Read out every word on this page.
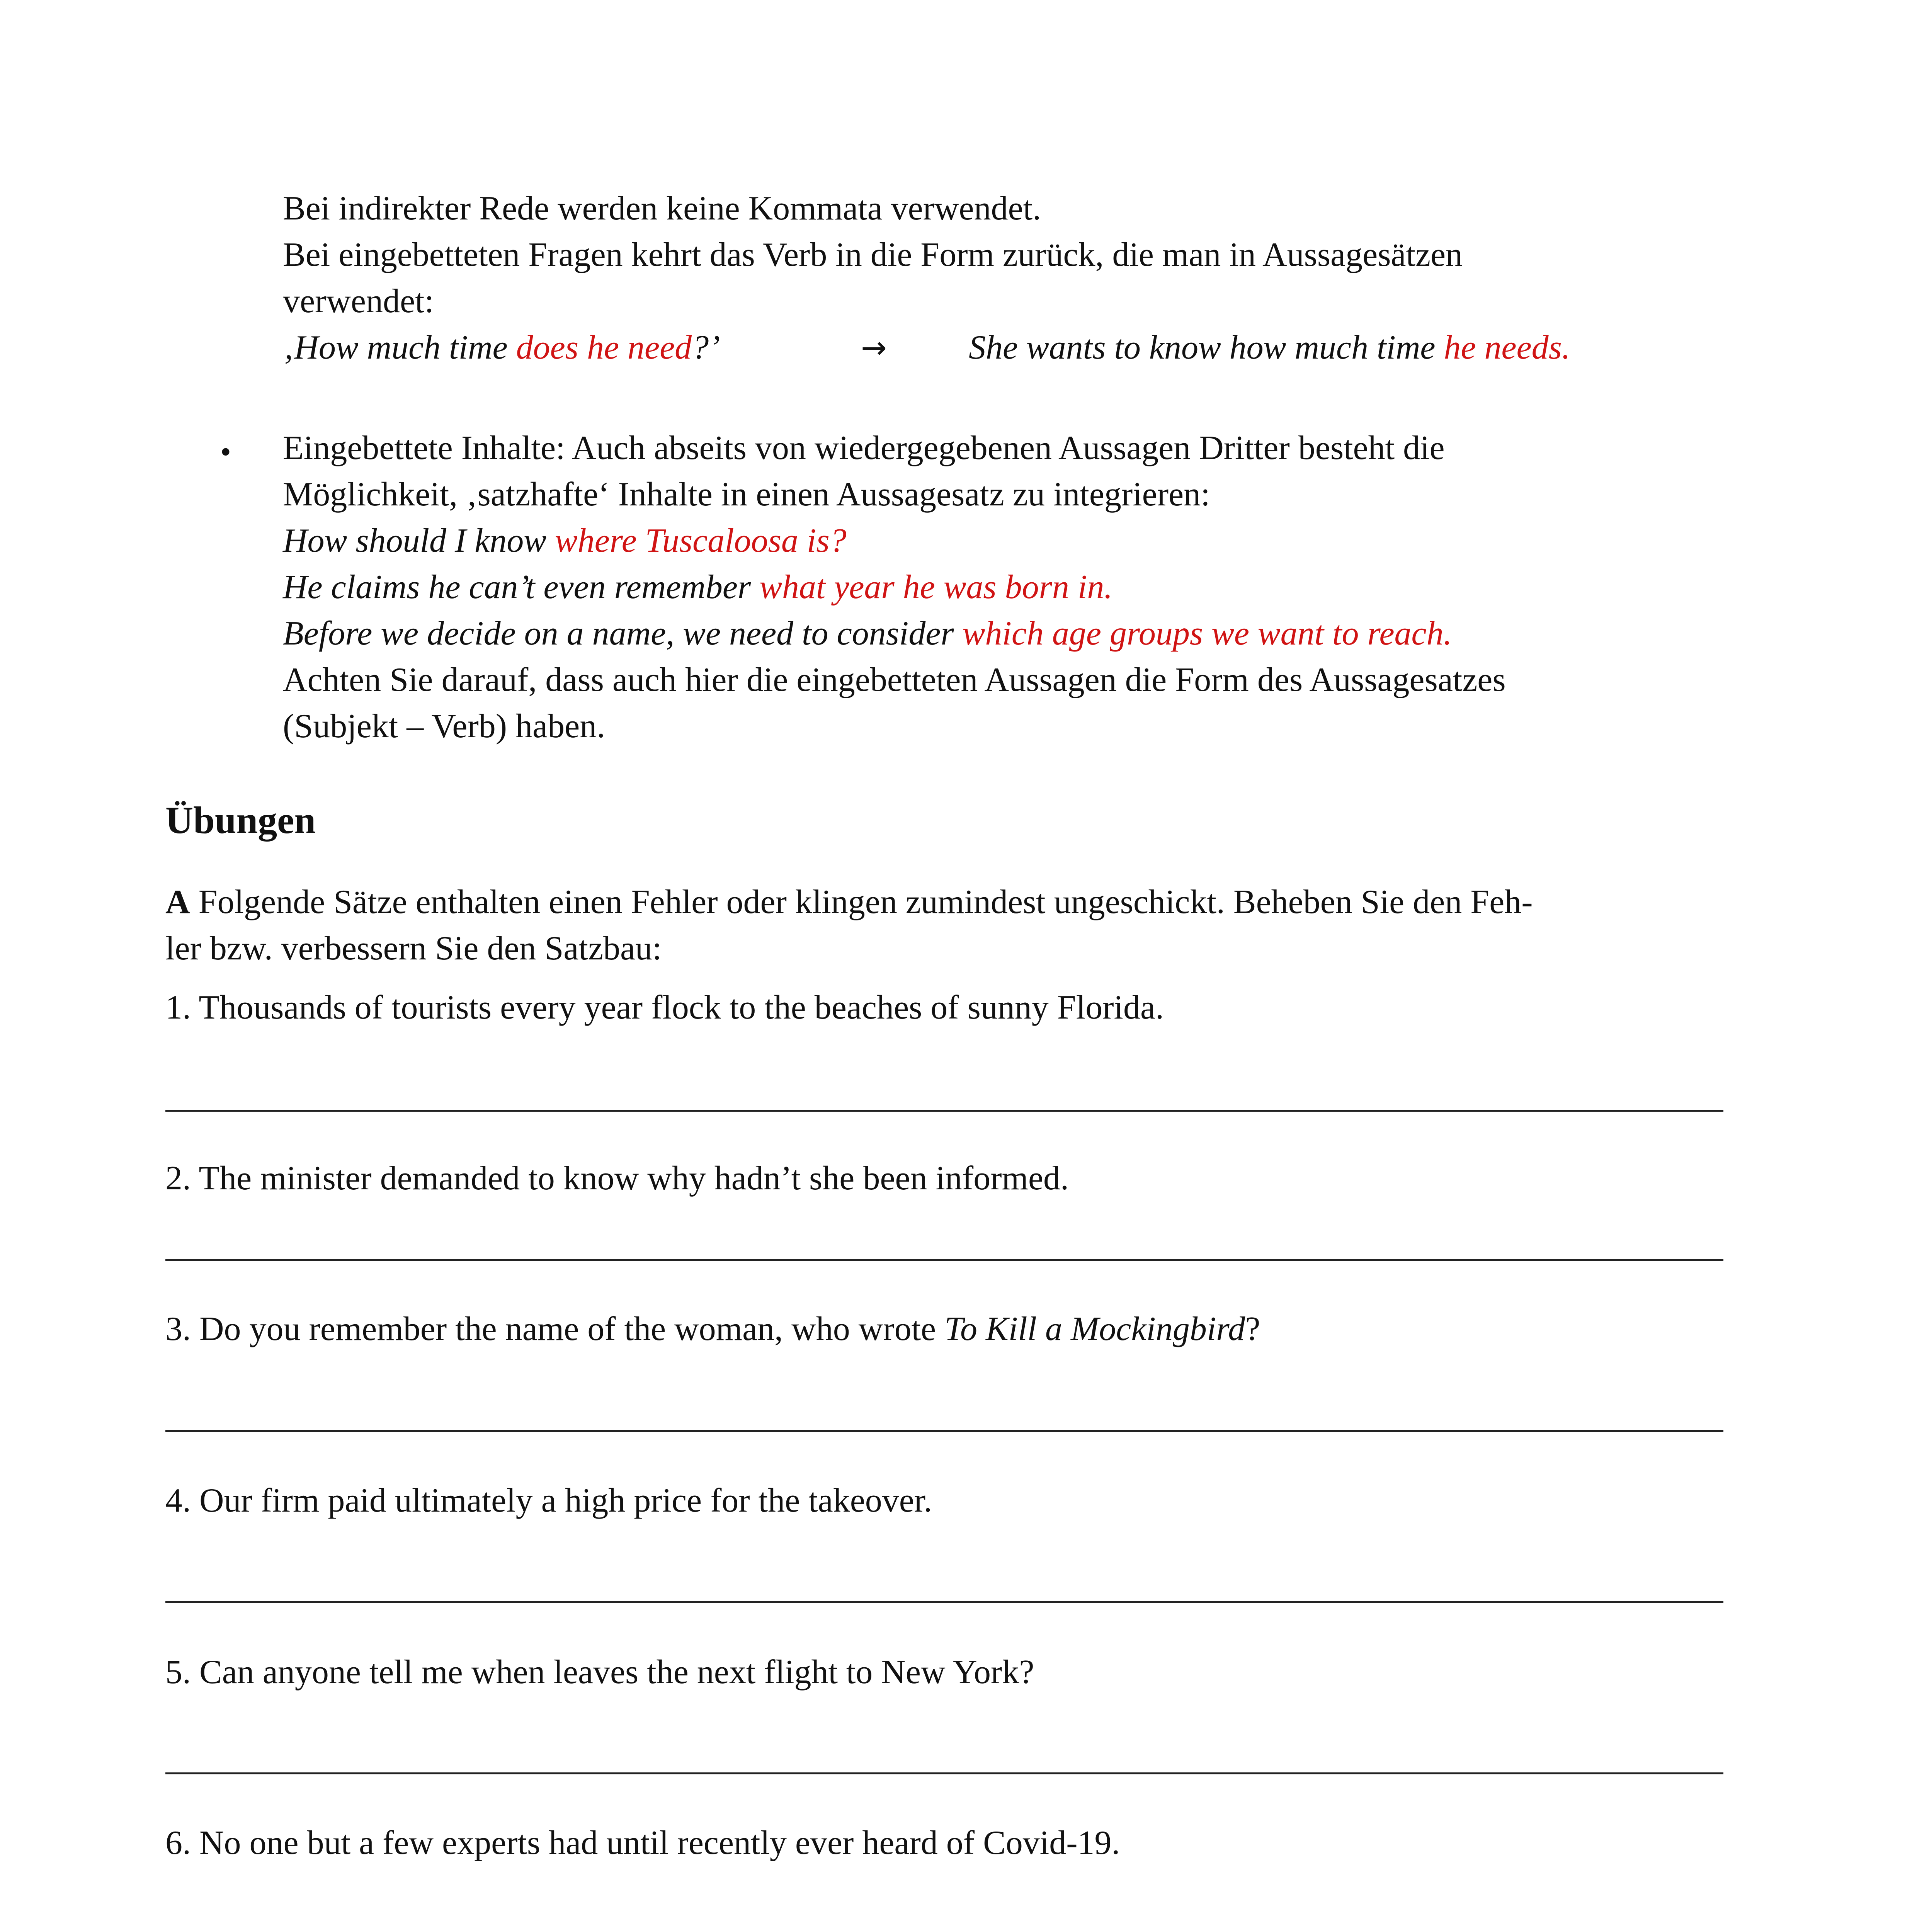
Bei indirekter Rede werden keine Kommata verwendet.
Bei eingebetteten Fragen kehrt das Verb in die Form zurück, die man in Aussagesätzen
verwendet:
‚How much time does he need?’	→ She wants to know how much time he needs.
• Eingebettete Inhalte: Auch abseits von wiedergegebenen Aussagen Dritter besteht die
Möglichkeit, ‚satzhafte‘ Inhalte in einen Aussagesatz zu integrieren:
How should I know where Tuscaloosa is?
He claims he can’t even remember what year he was born in.
Before we decide on a name, we need to consider which age groups we want to reach.
Achten Sie darauf, dass auch hier die eingebetteten Aussagen die Form des Aussagesatzes
(Subjekt – Verb) haben.
Übungen
A Folgende Sätze enthalten einen Fehler oder klingen zumindest ungeschickt. Beheben Sie den Feh-
ler bzw. verbessern Sie den Satzbau:
1. Thousands of tourists every year flock to the beaches of sunny Florida.
2. The minister demanded to know why hadn’t she been informed.
3. Do you remember the name of the woman, who wrote To Kill a Mockingbird?
4. Our firm paid ultimately a high price for the takeover.
5. Can anyone tell me when leaves the next flight to New York?
6. No one but a few experts had until recently ever heard of Covid-19.
